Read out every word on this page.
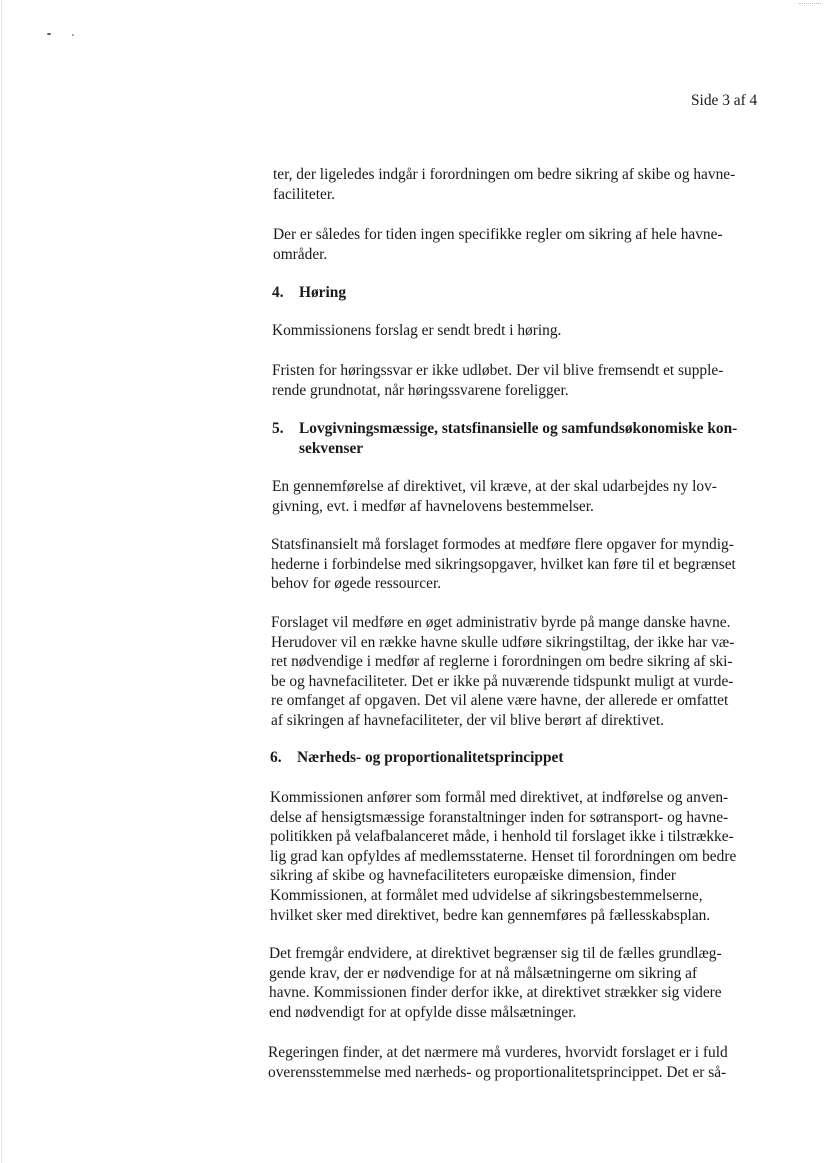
Side 3 af 4
ter, der ligeledes indgår i forordningen om bedre sikring af skibe og havne-
faciliteter.
Der er således for tiden ingen specifikke regler om sikring af hele havne-
områder.
4. Høring
Kommissionens forslag er sendt bredt i høring.
Fristen for høringssvar er ikke udløbet. Der vil blive fremsendt et supple-
rende grundnotat, når høringssvarene foreligger.
5. Lovgivningsmæssige, statsfinansielle og samfundsøkonomiske kon-
sekvenser
En gennemførelse af direktivet, vil kræve, at der skal udarbejdes ny lov-
givning, evt. i medfør af havnelovens bestemmelser.
Statsfinansielt må forslaget formodes at medføre flere opgaver for myndig-
hederne i forbindelse med sikringsopgaver, hvilket kan føre til et begrænset
behov for øgede ressourcer.
Forslaget vil medføre en øget administrativ byrde på mange danske havne.
Herudover vil en række havne skulle udføre sikringstiltag, der ikke har væ-
ret nødvendige i medfør af reglerne i forordningen om bedre sikring af ski-
be og havnefaciliteter. Det er ikke på nuværende tidspunkt muligt at vurde-
re omfanget af opgaven. Det vil alene være havne, der allerede er omfattet
af sikringen af havnefaciliteter, der vil blive berørt af direktivet.
6. Nærheds- og proportionalitetsprincippet
Kommissionen anfører som formål med direktivet, at indførelse og anven-
delse af hensigtsmæssige foranstaltninger inden for søtransport- og havne-
politikken på velafbalanceret måde, i henhold til forslaget ikke i tilstrække-
lig grad kan opfyldes af medlemsstaterne. Henset til forordningen om bedre
sikring af skibe og havnefaciliteters europæiske dimension, finder
Kommissionen, at formålet med udvidelse af sikringsbestemmelserne,
hvilket sker med direktivet, bedre kan gennemføres på fællesskabsplan.
Det fremgår endvidere, at direktivet begrænser sig til de fælles grundlæg-
gende krav, der er nødvendige for at nå målsætningerne om sikring af
havne. Kommissionen finder derfor ikke, at direktivet strækker sig videre
end nødvendigt for at opfylde disse målsætninger.
Regeringen finder, at det nærmere må vurderes, hvorvidt forslaget er i fuld
overensstemmelse med nærheds- og proportionalitetsprincippet. Det er så-
